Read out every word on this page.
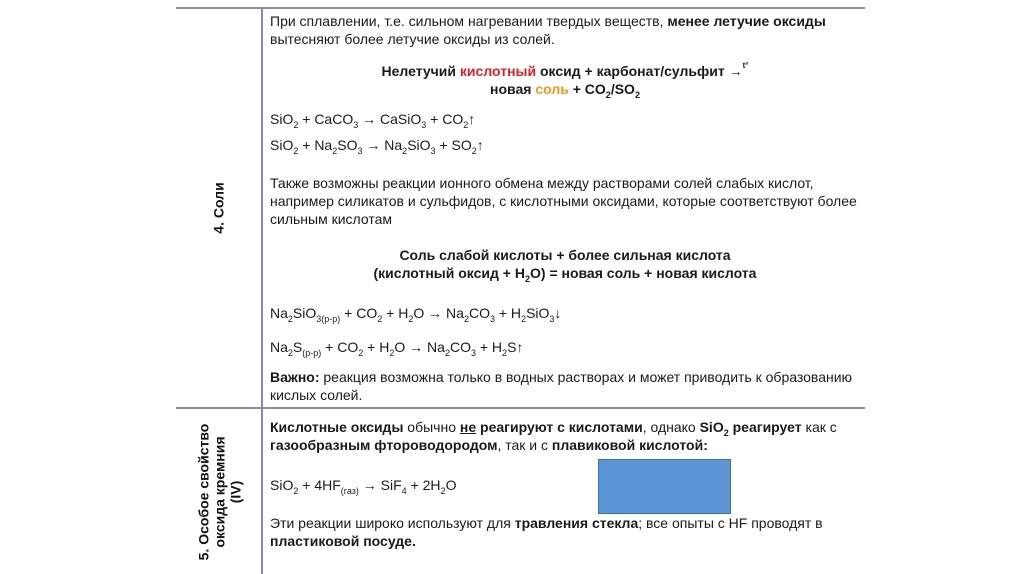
4. Соли
5. Особое свойство оксида кремния (IV)

При сплавлении, т.е. сильном нагревании твердых веществ, менее летучие оксиды вытесняют более летучие оксиды из солей.

Нелетучий кислотный оксид + карбонат/сульфит →$^{t^\circ}$

новая соль + $CO_2/SO_2$

SiO$_2$ + CaCO$_3$ → CaSiO$_3$ + $CO_2↑$

$SiO_2 + Na_2SO_3 \to Na_2SiO_3$ + $SO_2↑$

Также возможны реакции ионного обмена между растворами солей слабых кислот, например силикатов и сульфидов, с кислотными оксидами, которые соответствуют более сильным кислотам

Соль слабой кислоты + более сильная кислота

(кислотный оксид + $H_2O$) = новая соль + новая кислота

$Na_2SiO_{3(р-р)} + CO_2 + H_2O \to Na_2CO_3$ + $H_2SiO_3↓$

$Na_2S_{(р-р)} + CO_2 + H_2O \to Na_2CO_3$ + $H_2S↑$

Важно: реакция возможна только в водных растворах и может приводить к образованию кислых солей.

Кислотные оксиды обычно не реагируют с кислотами, однако SiO$_2$ реагирует как с газообразным фтороводородом, так и с плавиковой кислотой:

$SiO_2 + 4HF_{(газ)} \to SiF_4 + 2H_2O$

Эти реакции широко используют для травления стекла; все опыты с HF проводят в пластиковой посуде.
